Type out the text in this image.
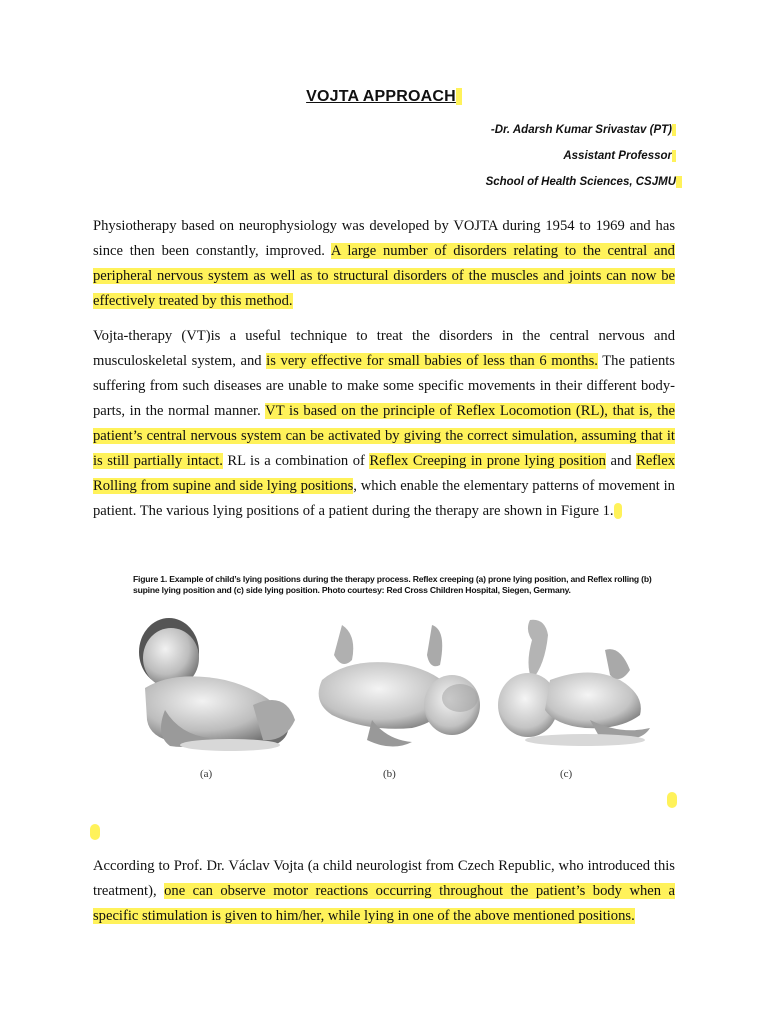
VOJTA APPROACH
-Dr. Adarsh Kumar Srivastav (PT)
Assistant Professor
School of Health Sciences, CSJMU

Physiotherapy based on neurophysiology was developed by VOJTA during 1954 to 1969 and has since then been constantly, improved. A large number of disorders relating to the central and peripheral nervous system as well as to structural disorders of the muscles and joints can now be effectively treated by this method.

Vojta-therapy (VT)is a useful technique to treat the disorders in the central nervous and musculoskeletal system, and is very effective for small babies of less than 6 months. The patients suffering from such diseases are unable to make some specific movements in their different body-parts, in the normal manner. VT is based on the principle of Reflex Locomotion (RL), that is, the patient’s central nervous system can be activated by giving the correct simulation, assuming that it is still partially intact. RL is a combination of Reflex Creeping in prone lying position and Reflex Rolling from supine and side lying positions, which enable the elementary patterns of movement in patient. The various lying positions of a patient during the therapy are shown in Figure 1.

Figure 1. Example of child’s lying positions during the therapy process. Reflex creeping (a) prone lying position, and Reflex rolling (b) supine lying position and (c) side lying position. Photo courtesy: Red Cross Children Hospital, Siegen, Germany.
(a)	(b)	(c)

According to Prof. Dr. Václav Vojta (a child neurologist from Czech Republic, who introduced this treatment), one can observe motor reactions occurring throughout the patient’s body when a specific stimulation is given to him/her, while lying in one of the above mentioned positions.
